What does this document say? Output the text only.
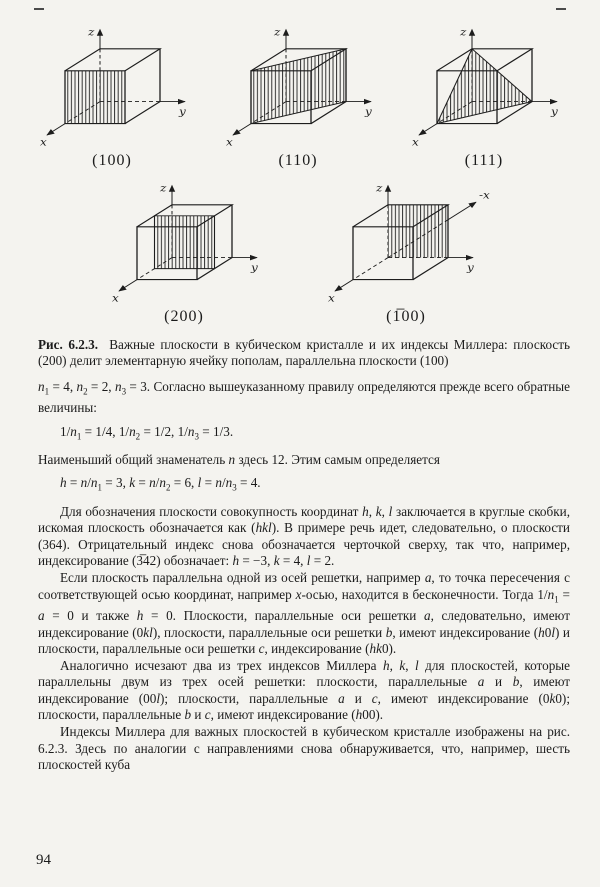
z
y
x
(100)
z
y
x
(110)
z
y
x
(111)
z
y
x
(200)
z
y
x
-x
(1̅00)
Рис. 6.2.3.  Важные плоскости в кубическом кристалле и их индексы Миллера: плоскость (200) делит элементарную ячейку пополам, параллельна плоскости (100)

$n_1 = 4$, $n_2 = 2$, $n_3 = 3$. Согласно вышеуказанному правилу определяются прежде всего обратные величины:

$1/n_1 = 1/4$, $1/n_2 = 1/2$, $1/n_3 = 1/3$.

Наименьший общий знаменатель n здесь 12. Этим самым определяется

$h = n/n_1 = 3$, $k = n/n_2 = 6$, $l = n/n_3 = 4$.

Для обозначения плоскости совокупность координат h, k, l заключается в круглые скобки, искомая плоскость обозначается как (hkl). В примере речь идет, следовательно, о плоскости (364). Отрицательный индекс снова обозначается черточкой сверху, так что, например, индексирование (3̅42) обозначает: h = −3, k = 4, l = 2.

Если плоскость параллельна одной из осей решетки, например a, то точка пересечения с соответствующей осью координат, например x-осью, находится в бесконечности. Тогда $1/n_1 = a = 0$ и также h = 0. Плоскости, параллельные оси решетки a, следовательно, имеют индексирование (0kl), плоскости, параллельные оси решетки b, имеют индексирование (h0l) и плоскости, параллельные оси решетки c, индексирование (hk0).

Аналогично исчезают два из трех индексов Миллера h, k, l для плоскостей, которые параллельны двум из трех осей решетки: плоскости, параллельные a и b, имеют индексирование (00l); плоскости, параллельные a и c, имеют индексирование (0k0); плоскости, параллельные b и c, имеют индексирование (h00).

Индексы Миллера для важных плоскостей в кубическом кристалле изображены на рис. 6.2.3. Здесь по аналогии с направлениями снова обнаруживается, что, например, шесть плоскостей куба

94
